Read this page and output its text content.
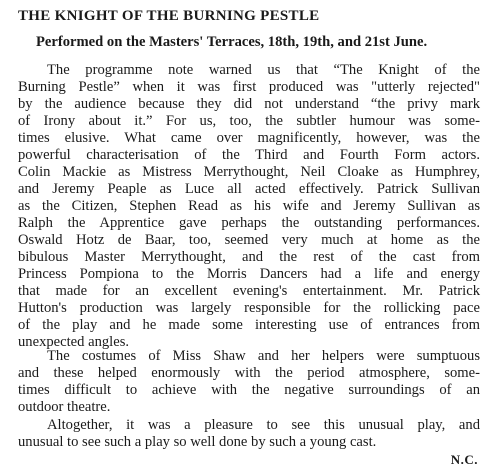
THE KNIGHT OF THE BURNING PESTLE
Performed on the Masters' Terraces, 18th, 19th, and 21st June.
The programme note warned us that “The Knight of the
Burning Pestle” when it was first produced was "utterly rejected"
by the audience because they did not understand “the privy mark
of Irony about it.” For us, too, the subtler humour was some-
times elusive. What came over magnificently, however, was the
powerful characterisation of the Third and Fourth Form actors.
Colin Mackie as Mistress Merrythought, Neil Cloake as Humphrey,
and Jeremy Peaple as Luce all acted effectively. Patrick Sullivan
as the Citizen, Stephen Read as his wife and Jeremy Sullivan as
Ralph the Apprentice gave perhaps the outstanding performances.
Oswald Hotz de Baar, too, seemed very much at home as the
bibulous Master Merrythought, and the rest of the cast from
Princess Pompiona to the Morris Dancers had a life and energy
that made for an excellent evening's entertainment. Mr. Patrick
Hutton's production was largely responsible for the rollicking pace
of the play and he made some interesting use of entrances from
unexpected angles.
The costumes of Miss Shaw and her helpers were sumptuous
and these helped enormously with the period atmosphere, some-
times difficult to achieve with the negative surroundings of an
outdoor theatre.
Altogether, it was a pleasure to see this unusual play, and
unusual to see such a play so well done by such a young cast.
N.C.
